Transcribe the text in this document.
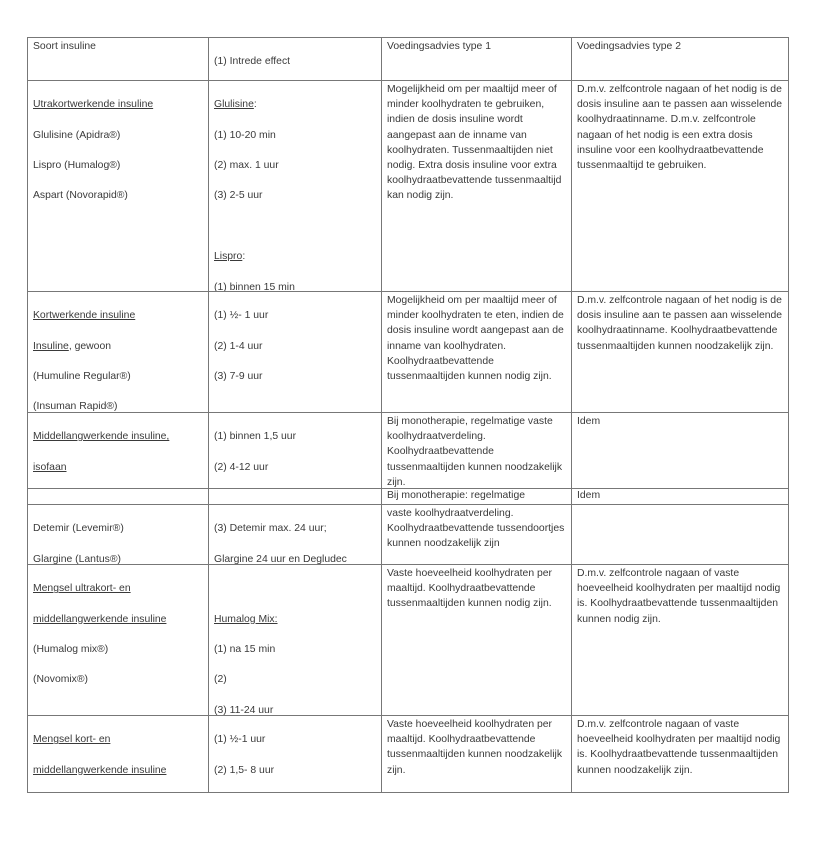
Soort insuline

(1) Intrede effect

Voedingsadvies type 1	Voedingsadvies type 2

Utrakortwerkende insuline

Glulisine (Apidra®)

Lispro (Humalog®)

Aspart (Novorapid®)

Glulisine:

(1) 10-20 min

(2) max. 1 uur

(3) 2-5 uur

Lispro:

(1) binnen 15 min

Mogelijkheid om per maaltijd meer of minder koolhydraten te gebruiken, indien de dosis insuline wordt aangepast aan de inname van koolhydraten. Tussenmaaltijden niet nodig. Extra dosis insuline voor extra koolhydraatbevattende tussenmaaltijd kan nodig zijn.
D.m.v. zelfcontrole nagaan of het nodig is de dosis insuline aan te passen aan wisselende koolhydraatinname. D.m.v. zelfcontrole nagaan of het nodig is een extra dosis insuline voor een koolhydraatbevattende tussenmaaltijd te gebruiken.

Kortwerkende insuline

Insuline, gewoon

(Humuline Regular®)

(Insuman Rapid®)

(1) ½- 1 uur

(2) 1-4 uur

(3) 7-9 uur

Mogelijkheid om per maaltijd meer of minder koolhydraten te eten, indien de dosis insuline wordt aangepast aan de inname van koolhydraten. Koolhydraatbevattende tussenmaaltijden kunnen nodig zijn.
D.m.v. zelfcontrole nagaan of het nodig is de dosis insuline aan te passen aan wisselende koolhydraatinname. Koolhydraatbevattende tussenmaaltijden kunnen noodzakelijk zijn.

Middellangwerkende insuline,

isofaan

(1) binnen 1,5 uur

(2) 4-12 uur

Bij monotherapie, regelmatige vaste koolhydraatverdeling. Koolhydraatbevattende tussenmaaltijden kunnen noodzakelijk zijn.
Idem

Bij monotherapie: regelmatige	Idem

Detemir (Levemir®)

Glargine (Lantus®)

(3) Detemir max. 24 uur;

Glargine 24 uur en Degludec

vaste koolhydraatverdeling. Koolhydraatbevattende tussendoortjes kunnen noodzakelijk zijn

Mengsel ultrakort- en

middellangwerkende insuline

(Humalog mix®)

(Novomix®)

Humalog Mix:

(1) na 15 min

(2)

(3) 11-24 uur

Vaste hoeveelheid koolhydraten per maaltijd. Koolhydraatbevattende tussenmaaltijden kunnen nodig zijn.
D.m.v. zelfcontrole nagaan of vaste hoeveelheid koolhydraten per maaltijd nodig is. Koolhydraatbevattende tussenmaaltijden kunnen nodig zijn.

Mengsel kort- en

middellangwerkende insuline

(1) ½-1 uur

(2) 1,5- 8 uur

Vaste hoeveelheid koolhydraten per maaltijd. Koolhydraatbevattende tussenmaaltijden kunnen noodzakelijk zijn.
D.m.v. zelfcontrole nagaan of vaste hoeveelheid koolhydraten per maaltijd nodig is. Koolhydraatbevattende tussenmaaltijden kunnen noodzakelijk zijn.
